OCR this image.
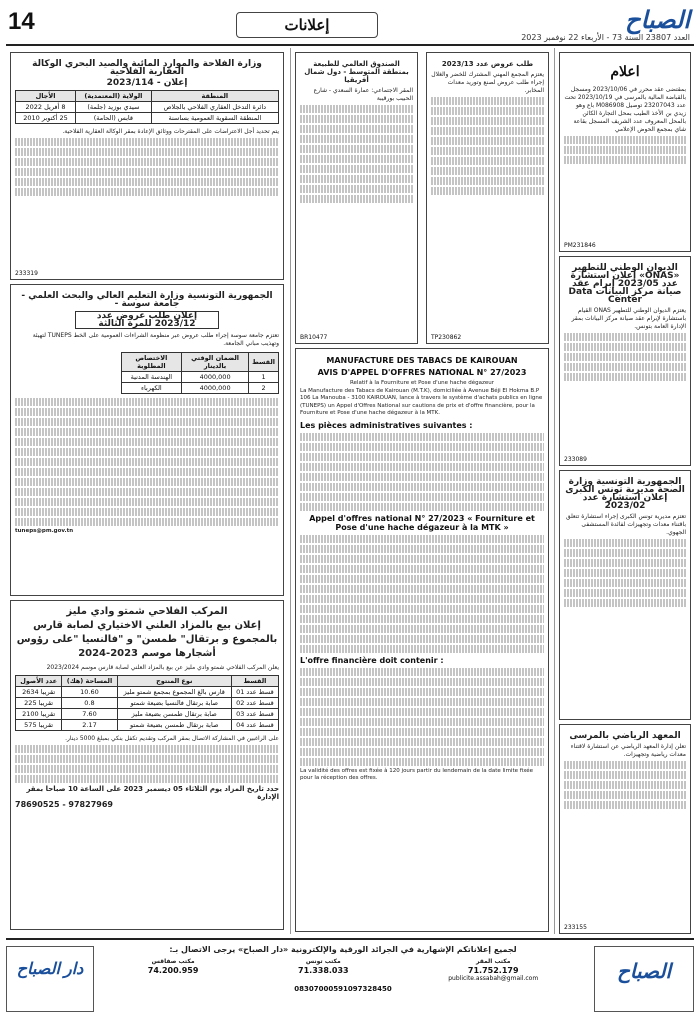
14	إعلانات	الصباح
العدد 23807 السنة 73 - الأربعاء 22 نوفمبر 2023
اعلام
بمقتضى عقد محرر في 2023/10/06 ومسجل بالقباضة المالية بالمرسى في 2023/10/19 تحت عدد 23207043 توصيل M086908 باع وهو زيدي بن الأخذ الطيب بمحل التجارة الكائن بالمحل المعروف عدد الشريف المسجل بقاعة شاي بمجمع الحوض الإعلامي
PM231846
الديوان الوطني للتطهير «ONAS» إعلان استشارة عدد 2023/05 إبرام عقد صيانة مركز البيانات Data Center
يعتزم الديوان الوطني للتطهير ONAS القيام باستشارة لإبرام عقد صيانة مركز البيانات بمقر الإدارة العامة بتونس.
233089
الجمهورية التونسية وزارة الصحة مديرية تونس الكبرى إعلان استشارة عدد 2023/02
تعتزم مديرية تونس الكبرى إجراء استشارة تتعلق باقتناء معدات وتجهيزات لفائدة المستشفى الجهوي.
المعهد الرياضي بالمرسى
تعلن إدارة المعهد الرياضي عن استشارة لاقتناء معدات رياضية وتجهيزات.
233155
الصندوق العالمي للطبيعة بمنطقة المتوسط - دول شمال أفريقيا
المقر الاجتماعي: عمارة السعدي - شارع الحبيب بورقيبة
BR10477
طلب عروض عدد 2023/13
يعتزم المجمع المهني المشترك للخضر والغلال إجراء طلب عروض لصنع وتوريد معدات المخابر.
TP230862
MANUFACTURE DES TABACS DE KAIROUAN
AVIS D'APPEL D'OFFRES NATIONAL N° 27/2023
Relatif à la Fourniture et Pose d'une hache dégazeur
La Manufacture des Tabacs de Kairouan (M.T.K), domiciliée à Avenue Béji El Hokma B.P 106 La Manouba - 3100 KAIROUAN, lance à travers le système d'achats publics en ligne (TUNEPS) un Appel d'Offres National sur cautions de prix et d'offre financière, pour la Fourniture et Pose d'une hache dégazeur à la MTK.
Les pièces administratives suivantes :
Appel d'offres national N° 27/2023 « Fourniture et Pose d'une hache dégazeur à la MTK »
L'offre financière doit contenir :
La validité des offres est fixée à 120 jours partir du lendemain de la date limite fixée pour la réception des offres.
وزارة الفلاحة والموارد المائية والصيد البحري الوكالة العقارية الفلاحية
إعلان - 2023/114
المنطقة	الولاية (المعتمدية)	الأجال
دائرة التدخل العقاري الفلاحي بالجلاص	سيدي بوزيد (جلمة)	8 أفريل 2022
المنطقة السقوية العمومية بساسنة	قابس (الحامة)	25 أكتوبر 2010
يتم تحديد أجل الاعتراضات على المقترحات ووثائق الإعادة بمقر الوكالة العقارية الفلاحية.
233319
الجمهورية التونسية وزارة التعليم العالي والبحث العلمي - جامعة سوسة -
إعلان طلب عروض عدد 2023/12 للمرة الثالثة
تعتزم جامعة سوسة إجراء طلب عروض عبر منظومة الشراءات العمومية على الخط TUNEPS لتهيئة وتهذيب مباني الجامعة.
القسط	الضمان الوقتي بالدينار	الاختصاص المطلوبة
1	4000,000	الهندسة المدنية
2	4000,000	الكهرباء
tuneps@pm.gov.tn
المركب الفلاحي شمتو وادي مليز
إعلان بيع بالمزاد العلني الاختياري لصابة قارس بالمجموع و برتقال" طمسن" و "فالنسيا "على رؤوس أشجارها موسم 2023-2024
يعلن المركب الفلاحي شمتو وادي مليز عن بيع بالمزاد العلني لصابة قارس موسم 2023/2024
عدد الأصول	المساحة (هك)	نوع المنتوج	القسط
2634 تقريبا	10.60	قارس بالغ المجموع بمجمع شمتو مليز	قسط عدد 01
225 تقريبا	0.8	صابة برتقال فالنسيا بضيعة شمتو	قسط عدد 02
2100 تقريبا	7.60	صابة برتقال طمسن بضيعة مليز	قسط عدد 03
575 تقريبا	2.17	صابة برتقال طمسن بضيعة شمتو	قسط عدد 04
على الراغبين في المشاركة الاتصال بمقر المركب وتقديم تكفل بنكي بمبلغ 5000 دينار.
حدد تاريخ المزاد يوم الثلاثاء 05 ديسمبر 2023 على الساعة 10 صباحا بمقر الإدارة
97827969 - 78690525
دار الصباح
لجميع إعلاناتكم الإشهارية في الجرائد الورقية والإلكترونية «دار الصباح» يرجى الاتصال بـ:
مكتب صفاقس
74.200.959
مكتب تونس
71.338.033
مكتب المقر
71.752.179
publicite.assabah@gmail.com
08307000591097328450
الصباح
